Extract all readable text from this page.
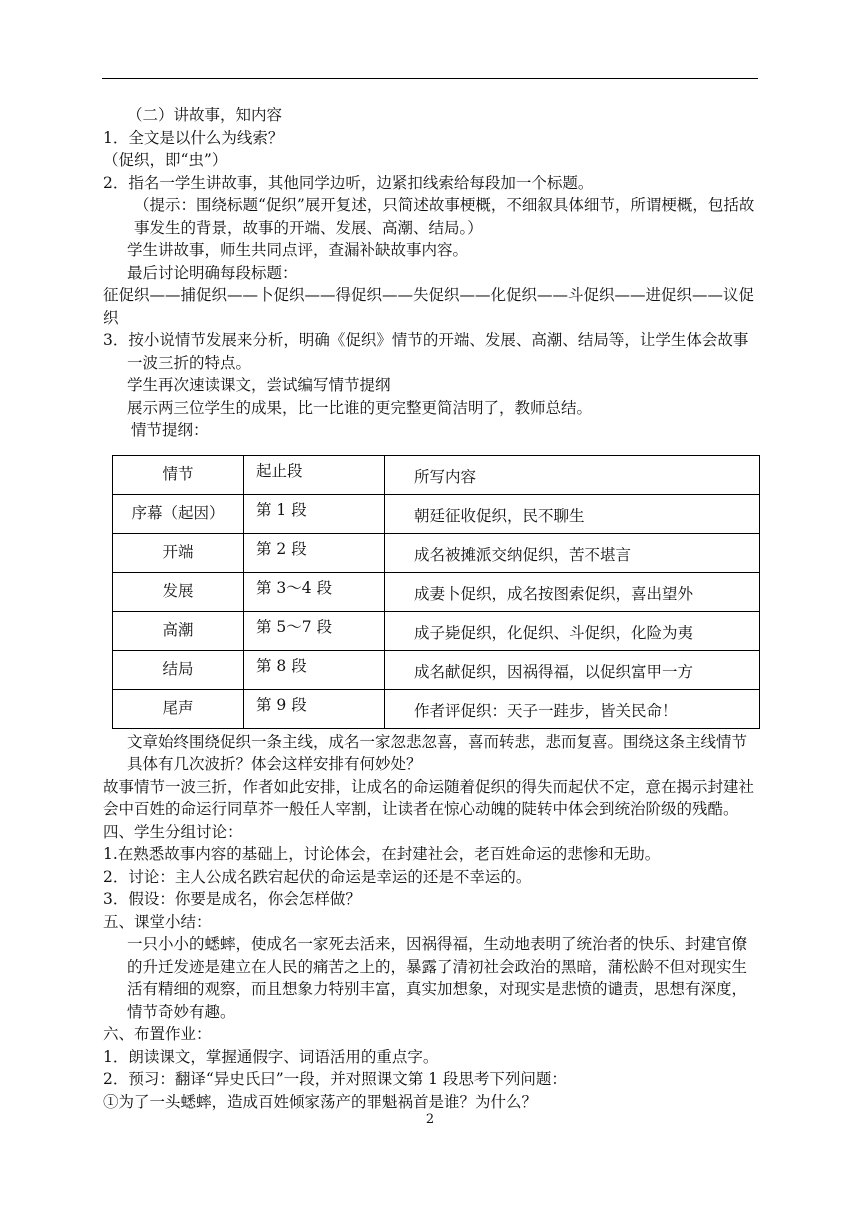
（二）讲故事，知内容
1．全文是以什么为线索？
（促织，即“虫”）
2．指名一学生讲故事，其他同学边听，边紧扣线索给每段加一个标题。
（提示：围绕标题“促织”展开复述，只简述故事梗概，不细叙具体细节，所谓梗概，包括故事发生的背景，故事的开端、发展、高潮、结局。）
学生讲故事，师生共同点评，查漏补缺故事内容。
最后讨论明确每段标题：
征促织——捕促织——卜促织——得促织——失促织——化促织——斗促织——进促织——议促织
3．按小说情节发展来分析，明确《促织》情节的开端、发展、高潮、结局等，让学生体会故事一波三折的特点。
学生再次速读课文，尝试编写情节提纲
展示两三位学生的成果，比一比谁的更完整更简洁明了，教师总结。
情节提纲：
情节	起止段	所写内容
序幕（起因）	第 1 段	朝廷征收促织，民不聊生
开端	第 2 段	成名被摊派交纳促织，苦不堪言
发展	第 3～4 段	成妻卜促织，成名按图索促织，喜出望外
高潮	第 5～7 段	成子毙促织，化促织、斗促织，化险为夷
结局	第 8 段	成名献促织，因祸得福，以促织富甲一方
尾声	第 9 段	作者评促织：天子一跬步，皆关民命！
文章始终围绕促织一条主线，成名一家忽悲忽喜，喜而转悲，悲而复喜。围绕这条主线情节具体有几次波折？体会这样安排有何妙处？
故事情节一波三折，作者如此安排，让成名的命运随着促织的得失而起伏不定，意在揭示封建社会中百姓的命运行同草芥一般任人宰割，让读者在惊心动魄的陡转中体会到统治阶级的残酷。
四、学生分组讨论：
1.在熟悉故事内容的基础上，讨论体会，在封建社会，老百姓命运的悲惨和无助。
2．讨论：主人公成名跌宕起伏的命运是幸运的还是不幸运的。
3．假设：你要是成名，你会怎样做？
五、课堂小结：
一只小小的蟋蟀，使成名一家死去活来，因祸得福，生动地表明了统治者的快乐、封建官僚的升迁发迹是建立在人民的痛苦之上的，暴露了清初社会政治的黑暗，蒲松龄不但对现实生活有精细的观察，而且想象力特别丰富，真实加想象，对现实是悲愤的谴责，思想有深度，情节奇妙有趣。
六、布置作业：
1．朗读课文，掌握通假字、词语活用的重点字。
2．预习：翻译“异史氏曰”一段，并对照课文第 1 段思考下列问题：
①为了一头蟋蟀，造成百姓倾家荡产的罪魁祸首是谁？为什么？
2
